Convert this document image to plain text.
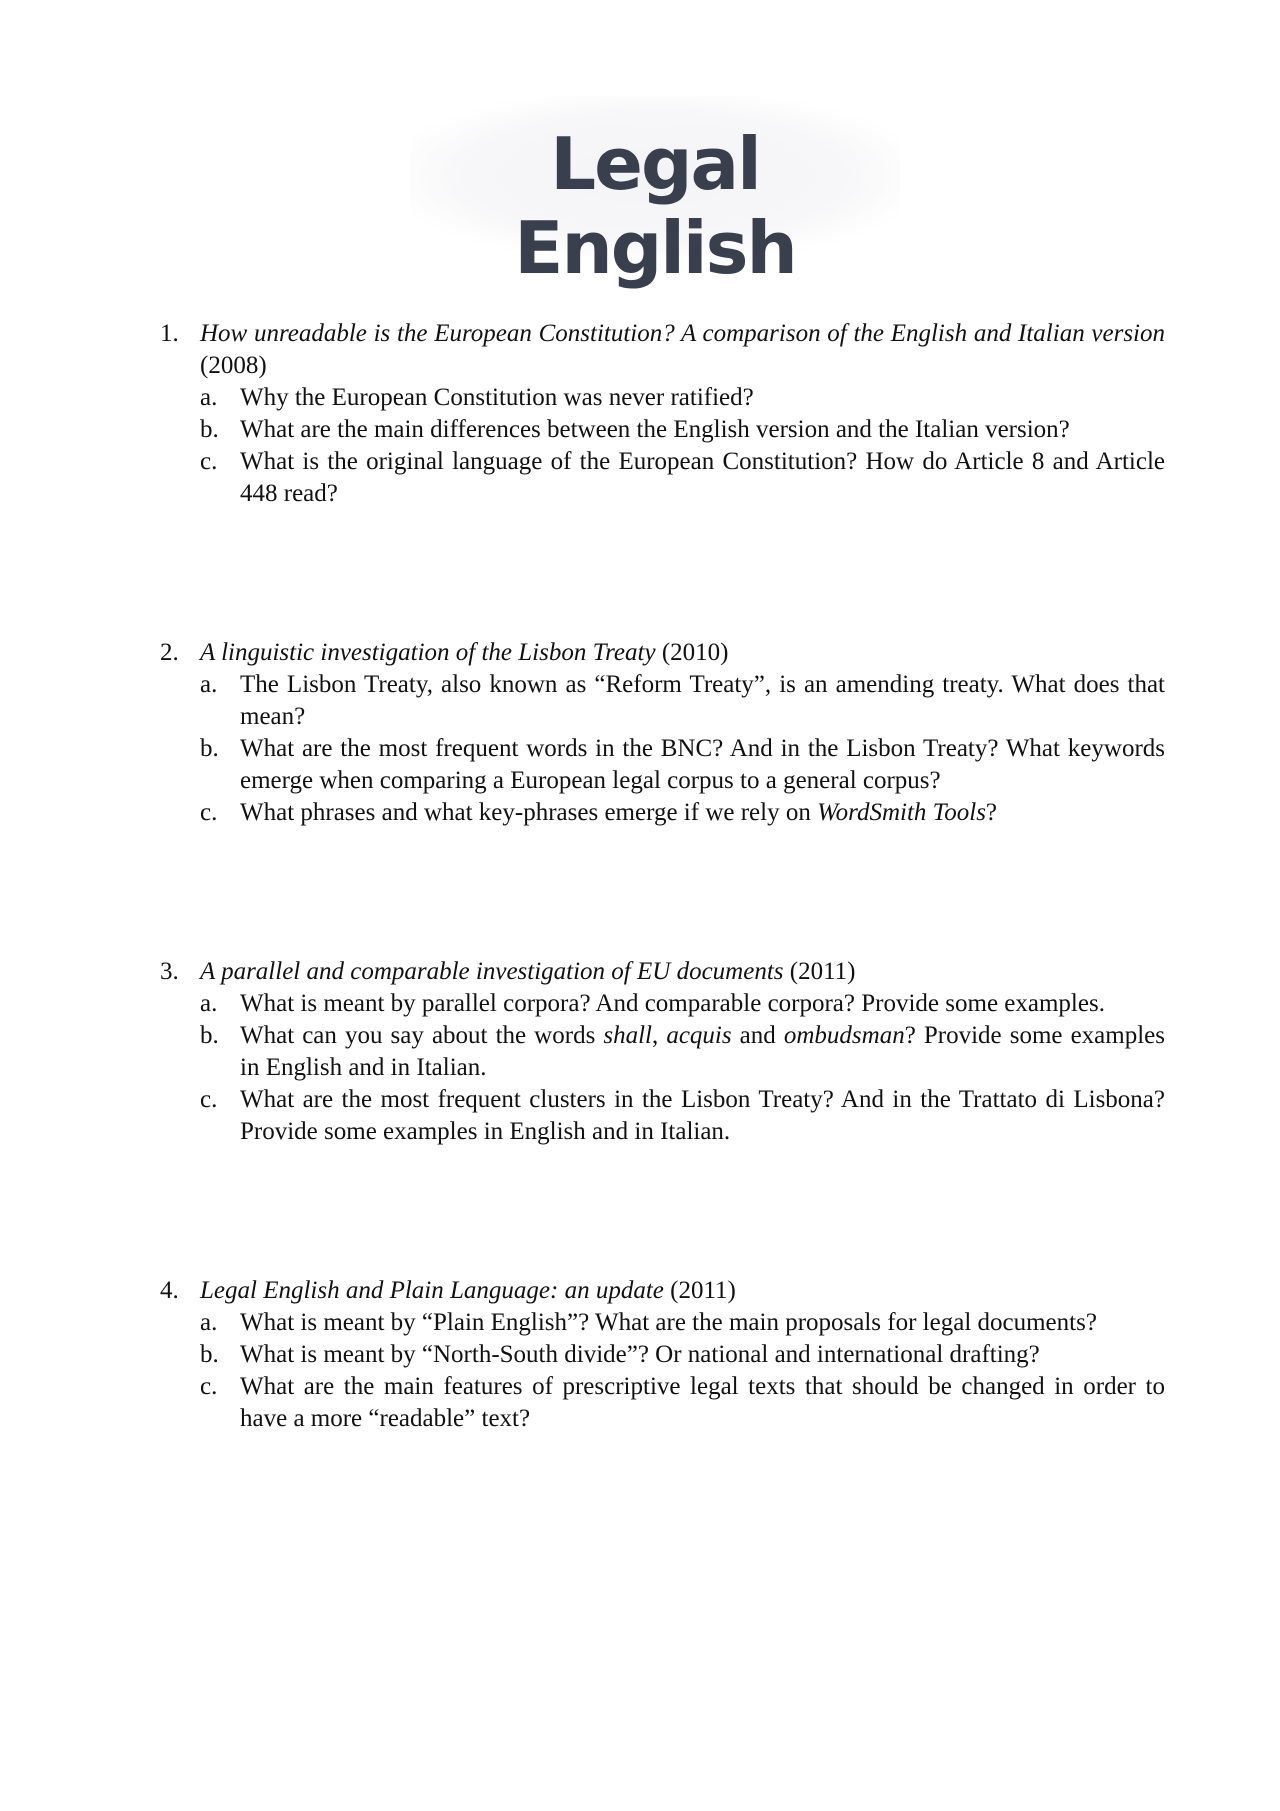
Legal English
1. How unreadable is the European Constitution? A comparison of the English and Italian version (2008)
a. Why the European Constitution was never ratified?
b. What are the main differences between the English version and the Italian version?
c. What is the original language of the European Constitution? How do Article 8 and Article 448 read?
2. A linguistic investigation of the Lisbon Treaty (2010)
a. The Lisbon Treaty, also known as “Reform Treaty”, is an amending treaty. What does that mean?
b. What are the most frequent words in the BNC? And in the Lisbon Treaty? What keywords emerge when comparing a European legal corpus to a general corpus?
c. What phrases and what key-phrases emerge if we rely on WordSmith Tools?
3. A parallel and comparable investigation of EU documents (2011)
a. What is meant by parallel corpora? And comparable corpora? Provide some examples.
b. What can you say about the words shall, acquis and ombudsman? Provide some examples in English and in Italian.
c. What are the most frequent clusters in the Lisbon Treaty? And in the Trattato di Lisbona? Provide some examples in English and in Italian.
4. Legal English and Plain Language: an update (2011)
a. What is meant by “Plain English”? What are the main proposals for legal documents?
b. What is meant by “North-South divide”? Or national and international drafting?
c. What are the main features of prescriptive legal texts that should be changed in order to have a more “readable” text?
